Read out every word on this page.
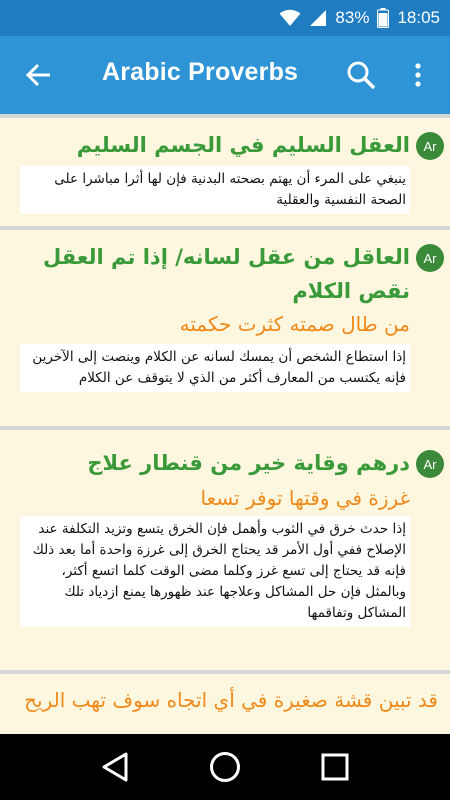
83% 18:05
Arabic Proverbs
Ar
العقل السليم في الجسم السليم
ينبغي على المرء أن يهتم بصحته البدنية فإن لها أثرا مباشرا على الصحة النفسية والعقلية
Ar
العاقل من عقل لسانه/ إذا تم العقل نقص الكلام
من طال صمته كثرت حكمته
إذا استطاع الشخص أن يمسك لسانه عن الكلام وينصت إلى الآخرين فإنه يكتسب من المعارف أكثر من الذي لا يتوقف عن الكلام
Ar
درهم وقاية خير من قنطار علاج
غرزة في وقتها توفر تسعا
إذا حدث خرق في الثوب وأهمل فإن الخرق يتسع وتزيد التكلفة عند الإصلاح ففي أول الأمر قد يحتاج الخرق إلى غرزة واحدة أما بعد ذلك فإنه قد يحتاج إلى تسع غرز وكلما مضى الوقت كلما اتسع أكثر، وبالمثل فإن حل المشاكل وعلاجها عند ظهورها يمنع ازدياد تلك المشاكل وتفاقمها
قد تبين قشة صغيرة في أي اتجاه سوف تهب الريح
